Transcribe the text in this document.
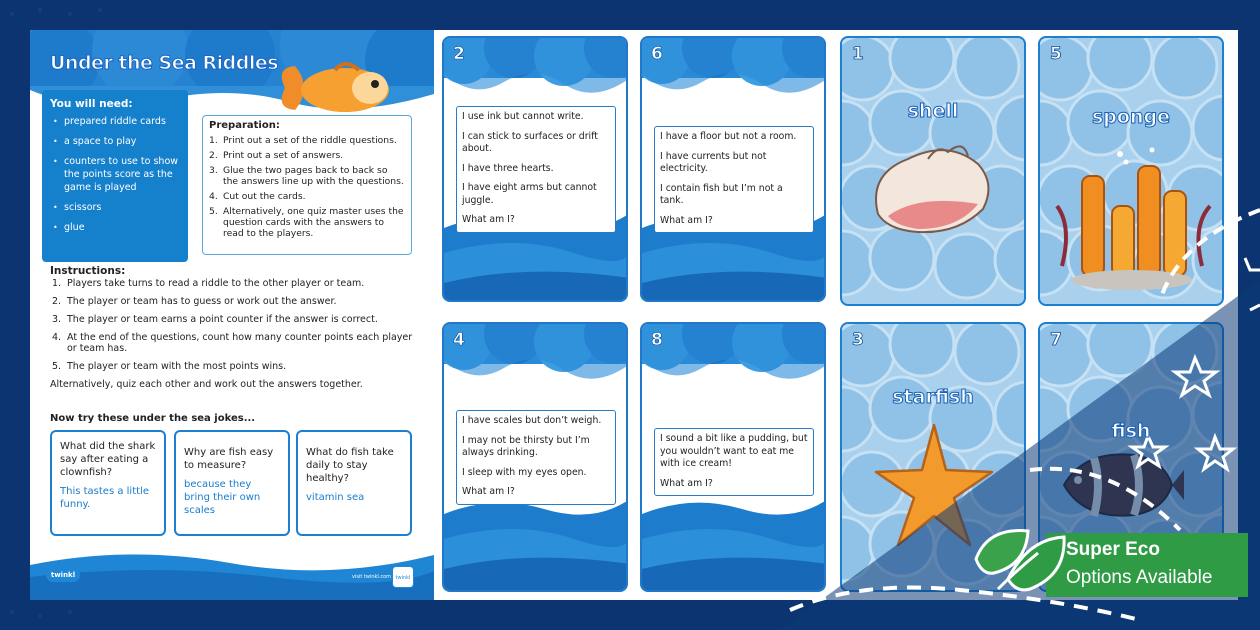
Under the Sea Riddles
You will need:
• prepared riddle cards
• a space to play
• counters to use to show the points score as the game is played
• scissors
• glue
Preparation:
1. Print out a set of the riddle questions.
2. Print out a set of answers.
3. Glue the two pages back to back so the answers line up with the questions.
4. Cut out the cards.
5. Alternatively, one quiz master uses the question cards with the answers to read to the players.
Instructions:
1. Players take turns to read a riddle to the other player or team.
2. The player or team has to guess or work out the answer.
3. The player or team earns a point counter if the answer is correct.
4. At the end of the questions, count how many counter points each player or team has.
5. The player or team with the most points wins.
Alternatively, quiz each other and work out the answers together.
Now try these under the sea jokes...
What did the shark say after eating a clownfish?
This tastes a little funny.
Why are fish easy to measure?
because they bring their own scales
What do fish take daily to stay healthy?
vitamin sea
twinkl	visit twinkl.com twinkl
2

I use ink but cannot write.

I can stick to surfaces or drift about.

I have three hearts.

I have eight arms but cannot juggle.

What am I?

6

I have a floor but not a room.

I have currents but not electricity.

I contain fish but I’m not a tank.

What am I?

4

I have scales but don’t weigh.

I may not be thirsty but I’m always drinking.

I sleep with my eyes open.

What am I?

8

I sound a bit like a pudding, but you wouldn’t want to eat me with ice cream!

What am I?

1
shell
5
sponge
3
starfish
7
fish
Super Eco
Options Available
